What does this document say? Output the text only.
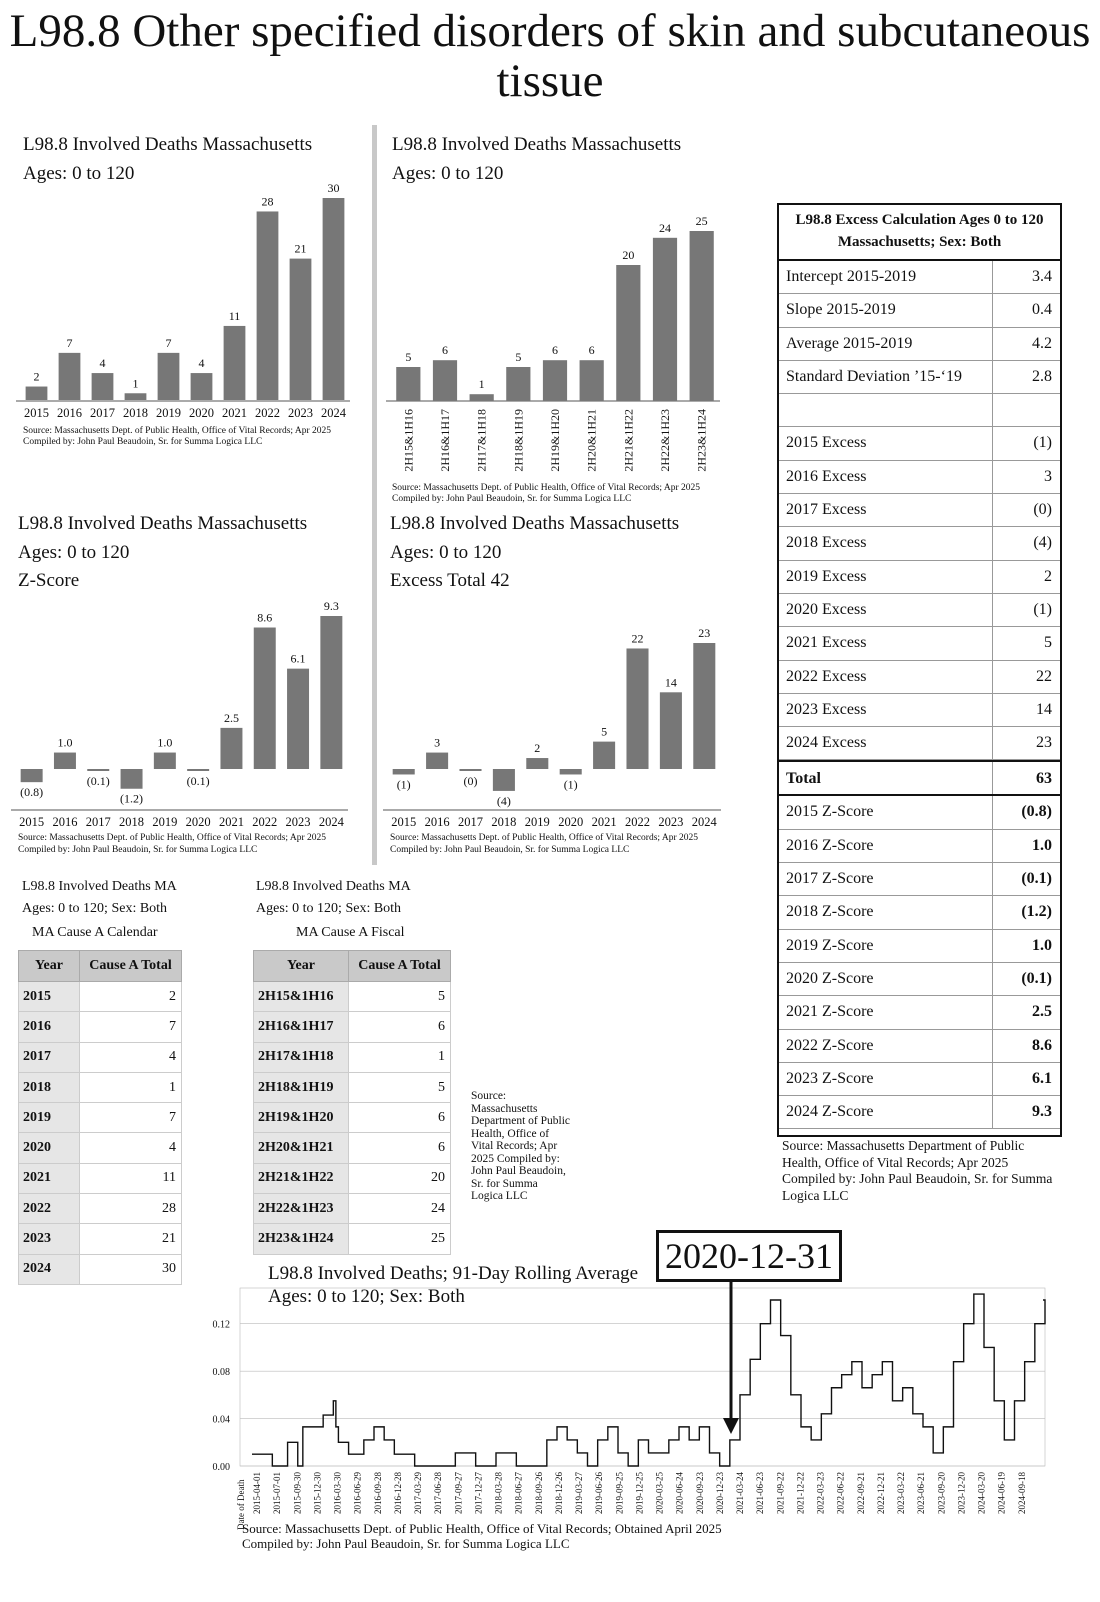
L98.8 Other specified disorders of skin and subcutaneous tissue
L98.8 Involved Deaths Massachusetts
Ages: 0 to 120
2
2015
7
2016
4
2017
1
2018
7
2019
4
2020
11
2021
28
2022
21
2023
30
2024
5
2H15&1H16
6
2H16&1H17
1
2H17&1H18
5
2H18&1H19
6
2H19&1H20
6
2H20&1H21
20
2H21&1H22
24
2H22&1H23
25
2H23&1H24
(0.8)
2015
1.0
2016
(0.1)
2017
(1.2)
2018
1.0
2019
(0.1)
2020
2.5
2021
8.6
2022
6.1
2023
9.3
2024
(1)
2015
3
2016
(0)
2017
(4)
2018
2
2019
(1)
2020
5
2021
22
2022
14
2023
23
2024
0.00
0.04
0.08
0.12
2015-04-01 2015-07-01 2015-09-30 2015-12-30 2016-03-30 2016-06-29 2016-09-28 2016-12-28 2017-03-29 2017-06-28 2017-09-27 2017-12-27 2018-03-28 2018-06-27 2018-09-26 2018-12-26 2019-03-27 2019-06-26 2019-09-25 2019-12-25 2020-03-25 2020-06-24 2020-09-23 2020-12-23 2021-03-24 2021-06-23 2021-09-22 2021-12-22 2022-03-23 2022-06-22 2022-09-21 2022-12-21 2023-03-22 2023-06-21 2023-09-20 2023-12-20 2024-03-20 2024-06-19 2024-09-18
Date of Death
Source: Massachusetts Dept. of Public Health, Office of Vital Records; Apr 2025
Compiled by: John Paul Beaudoin, Sr. for Summa Logica LLC
L98.8 Involved Deaths Massachusetts
Ages: 0 to 120
Source: Massachusetts Dept. of Public Health, Office of Vital Records; Apr 2025
Compiled by: John Paul Beaudoin, Sr. for Summa Logica LLC
L98.8 Involved Deaths Massachusetts
Ages: 0 to 120
Z-Score
Source: Massachusetts Dept. of Public Health, Office of Vital Records; Apr 2025
Compiled by: John Paul Beaudoin, Sr. for Summa Logica LLC
L98.8 Involved Deaths Massachusetts
Ages: 0 to 120
Excess Total 42
Source: Massachusetts Dept. of Public Health, Office of Vital Records; Apr 2025
Compiled by: John Paul Beaudoin, Sr. for Summa Logica LLC
L98.8 Excess Calculation Ages 0 to 120
Massachusetts; Sex: Both
Intercept 2015-2019	3.4
Slope 2015-2019	0.4
Average 2015-2019	4.2
Standard Deviation ’15-‘19	2.8
2015 Excess	(1)
2016 Excess	3
2017 Excess	(0)
2018 Excess	(4)
2019 Excess	2
2020 Excess	(1)
2021 Excess	5
2022 Excess	22
2023 Excess	14
2024 Excess	23
Total	63
2015 Z-Score	(0.8)
2016 Z-Score	1.0
2017 Z-Score	(0.1)
2018 Z-Score	(1.2)
2019 Z-Score	1.0
2020 Z-Score	(0.1)
2021 Z-Score	2.5
2022 Z-Score	8.6
2023 Z-Score	6.1
2024 Z-Score	9.3
Source: Massachusetts Department of Public Health, Office of Vital Records; Apr 2025
Compiled by: John Paul Beaudoin, Sr. for Summa Logica LLC
L98.8 Involved Deaths MA
Ages: 0 to 120; Sex: Both
MA Cause A Calendar
Year	Cause A Total
2015	2
2016	7
2017	4
2018	1
2019	7
2020	4
2021	11
2022	28
2023	21
2024	30
L98.8 Involved Deaths MA
Ages: 0 to 120; Sex: Both
MA Cause A Fiscal
Year	Cause A Total
2H15&1H16	5
2H16&1H17	6
2H17&1H18	1
2H18&1H19	5
2H19&1H20	6
2H20&1H21	6
2H21&1H22	20
2H22&1H23	24
2H23&1H24	25
Source: Massachusetts Department of Public Health, Office of Vital Records; Apr 2025 Compiled by: John Paul Beaudoin, Sr. for Summa Logica LLC
L98.8 Involved Deaths; 91-Day Rolling Average
Ages: 0 to 120; Sex: Both
Source: Massachusetts Dept. of Public Health, Office of Vital Records; Obtained April 2025
Compiled by: John Paul Beaudoin, Sr. for Summa Logica LLC
2020-12-31
